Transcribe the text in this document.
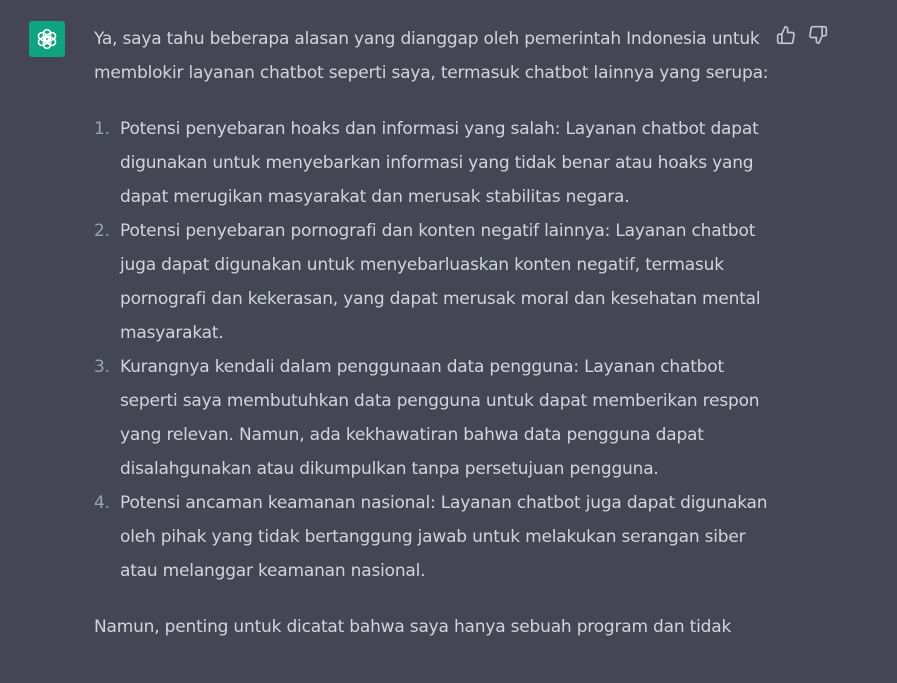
Ya, saya tahu beberapa alasan yang dianggap oleh pemerintah Indonesia untuk memblokir layanan chatbot seperti saya, termasuk chatbot lainnya yang serupa:

1. Potensi penyebaran hoaks dan informasi yang salah: Layanan chatbot dapat digunakan untuk menyebarkan informasi yang tidak benar atau hoaks yang dapat merugikan masyarakat dan merusak stabilitas negara.
2. Potensi penyebaran pornografi dan konten negatif lainnya: Layanan chatbot juga dapat digunakan untuk menyebarluaskan konten negatif, termasuk pornografi dan kekerasan, yang dapat merusak moral dan kesehatan mental masyarakat.
3. Kurangnya kendali dalam penggunaan data pengguna: Layanan chatbot seperti saya membutuhkan data pengguna untuk dapat memberikan respon yang relevan. Namun, ada kekhawatiran bahwa data pengguna dapat disalahgunakan atau dikumpulkan tanpa persetujuan pengguna.
4. Potensi ancaman keamanan nasional: Layanan chatbot juga dapat digunakan oleh pihak yang tidak bertanggung jawab untuk melakukan serangan siber atau melanggar keamanan nasional.

Namun, penting untuk dicatat bahwa saya hanya sebuah program dan tidak
